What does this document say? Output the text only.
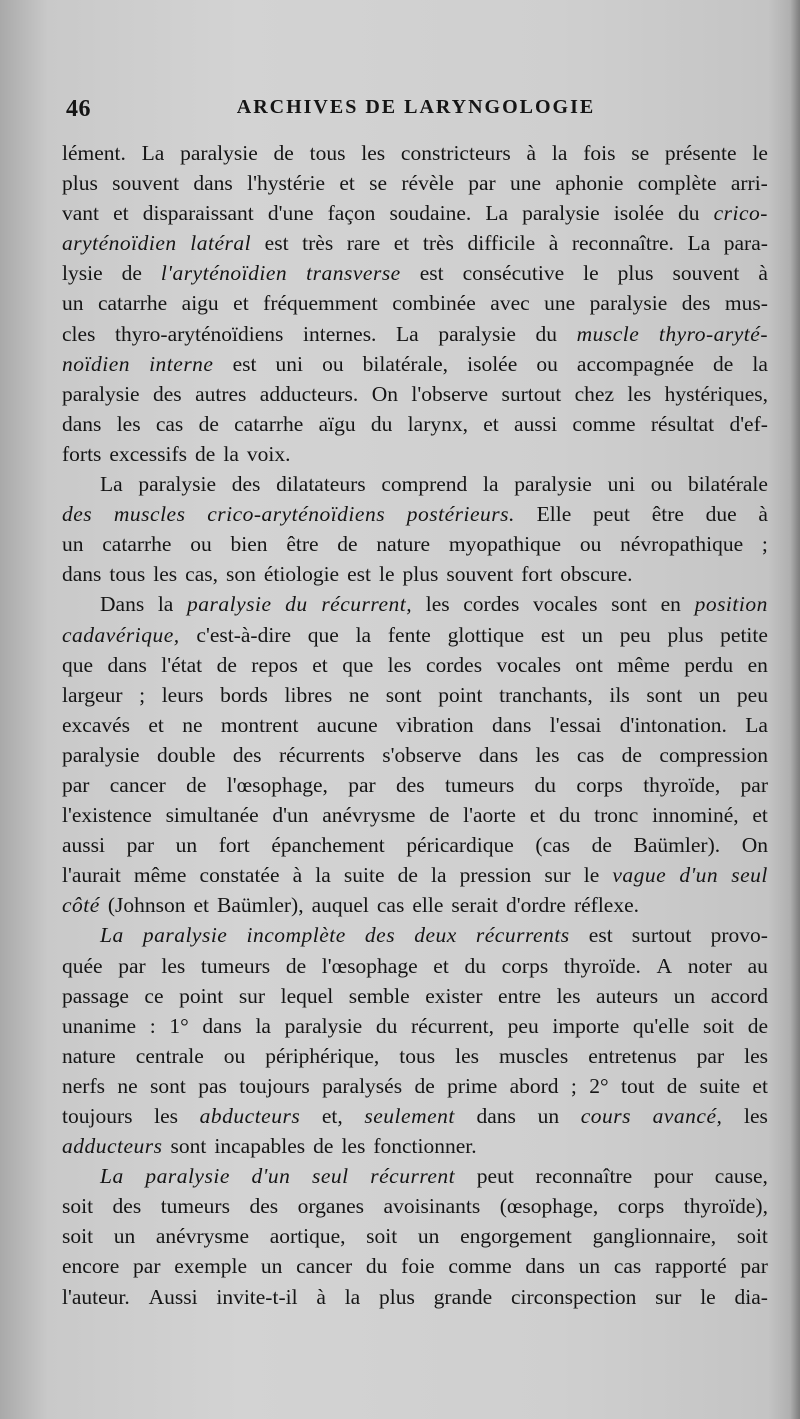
46	ARCHIVES DE LARYNGOLOGIE
lément. La paralysie de tous les constricteurs à la fois se présente le
plus souvent dans l'hystérie et se révèle par une aphonie complète arri-
vant et disparaissant d'une façon soudaine. La paralysie isolée du crico-
aryténoïdien latéral est très rare et très difficile à reconnaître. La para-
lysie de l'aryténoïdien transverse est consécutive le plus souvent à
un catarrhe aigu et fréquemment combinée avec une paralysie des mus-
cles thyro-aryténoïdiens internes. La paralysie du muscle thyro-aryté-
noïdien interne est uni ou bilatérale, isolée ou accompagnée de la
paralysie des autres adducteurs. On l'observe surtout chez les hystériques,
dans les cas de catarrhe aïgu du larynx, et aussi comme résultat d'ef-
forts excessifs de la voix.
La paralysie des dilatateurs comprend la paralysie uni ou bilatérale
des muscles crico-aryténoïdiens postérieurs. Elle peut être due à
un catarrhe ou bien être de nature myopathique ou névropathique ;
dans tous les cas, son étiologie est le plus souvent fort obscure.
Dans la paralysie du récurrent, les cordes vocales sont en position
cadavérique, c'est-à-dire que la fente glottique est un peu plus petite
que dans l'état de repos et que les cordes vocales ont même perdu en
largeur ; leurs bords libres ne sont point tranchants, ils sont un peu
excavés et ne montrent aucune vibration dans l'essai d'intonation. La
paralysie double des récurrents s'observe dans les cas de compression
par cancer de l'œsophage, par des tumeurs du corps thyroïde, par
l'existence simultanée d'un anévrysme de l'aorte et du tronc innominé, et
aussi par un fort épanchement péricardique (cas de Baümler). On
l'aurait même constatée à la suite de la pression sur le vague d'un seul
côté (Johnson et Baümler), auquel cas elle serait d'ordre réflexe.
La paralysie incomplète des deux récurrents est surtout provo-
quée par les tumeurs de l'œsophage et du corps thyroïde. A noter au
passage ce point sur lequel semble exister entre les auteurs un accord
unanime : 1° dans la paralysie du récurrent, peu importe qu'elle soit de
nature centrale ou périphérique, tous les muscles entretenus par les
nerfs ne sont pas toujours paralysés de prime abord ; 2° tout de suite et
toujours les abducteurs et, seulement dans un cours avancé, les
adducteurs sont incapables de les fonctionner.
La paralysie d'un seul récurrent peut reconnaître pour cause,
soit des tumeurs des organes avoisinants (œsophage, corps thyroïde),
soit un anévrysme aortique, soit un engorgement ganglionnaire, soit
encore par exemple un cancer du foie comme dans un cas rapporté par
l'auteur. Aussi invite-t-il à la plus grande circonspection sur le dia-
